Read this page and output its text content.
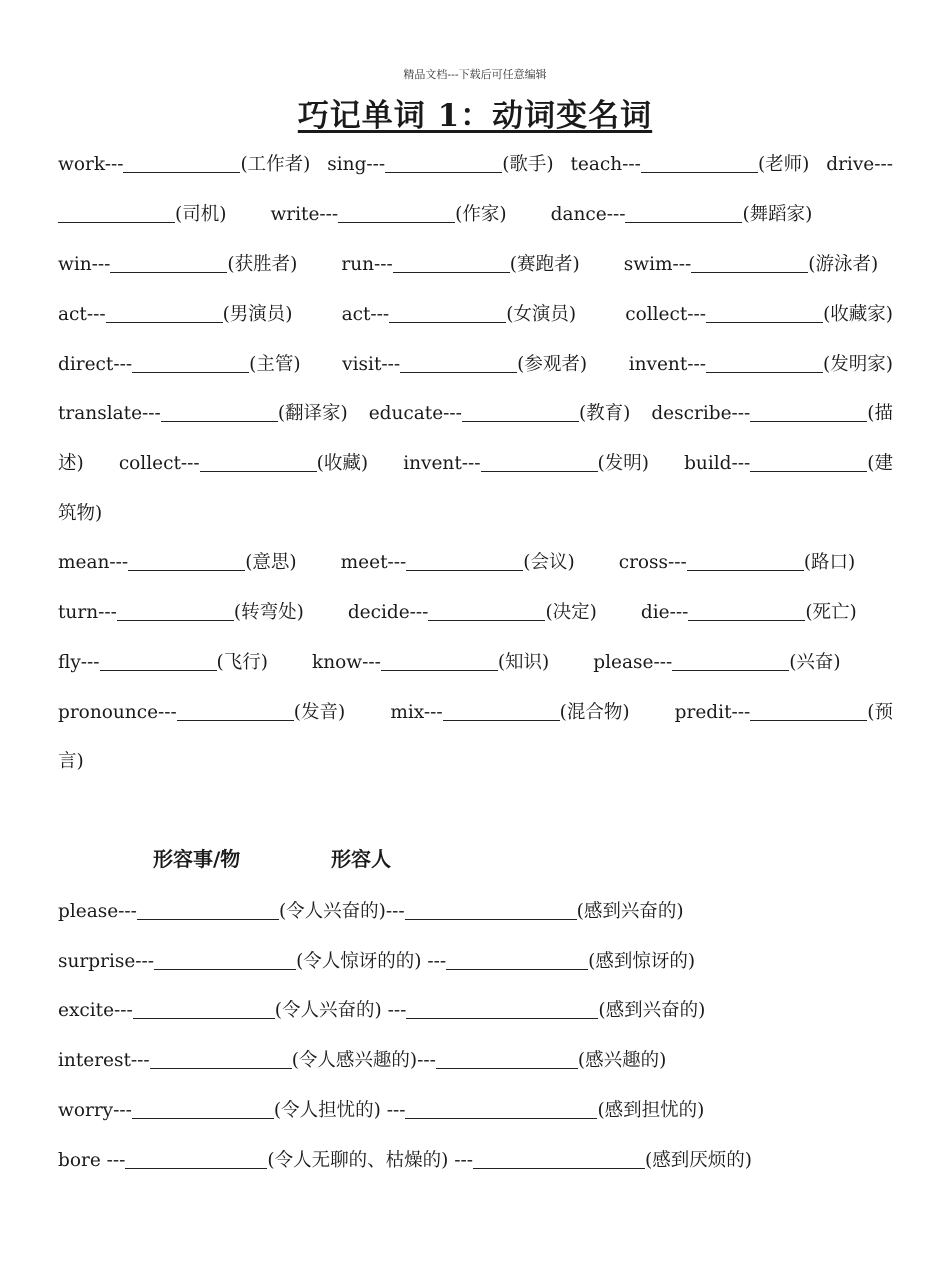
精品文档---下载后可任意编辑
巧记单词 1：动词变名词
work---	(工作者) sing---	(歌手) teach---	(老师) drive---
(司机) write---	(作家) dance---	(舞蹈家)
win---	(获胜者) run---	(赛跑者) swim---	(游泳者)
act---	(男演员)	act---	(女演员)	collect---	(收藏家)
direct---	(主管) visit---	(参观者) invent---	(发明家)
translate---	(翻译家) educate---	(教育) describe---	(描
述) collect---	(收藏) invent---	(发明) build---	(建
筑物)
mean---	(意思) meet---	(会议) cross---	(路口)
turn---	(转弯处) decide---	(决定) die---	(死亡)
fly---	(飞行) know---	(知识) please---	(兴奋)
pronounce---	(发音) mix---	(混合物) predit---	(预
言)
形容事/物	形容人
please---	(令人兴奋的)---	(感到兴奋的)
surprise---	(令人惊讶的的) ---	(感到惊讶的)
excite---	(令人兴奋的) ---	(感到兴奋的)
interest---	(令人感兴趣的)---	(感兴趣的)
worry---	(令人担忧的) ---	(感到担忧的)
bore ---	(令人无聊的、枯燥的) ---	(感到厌烦的)
